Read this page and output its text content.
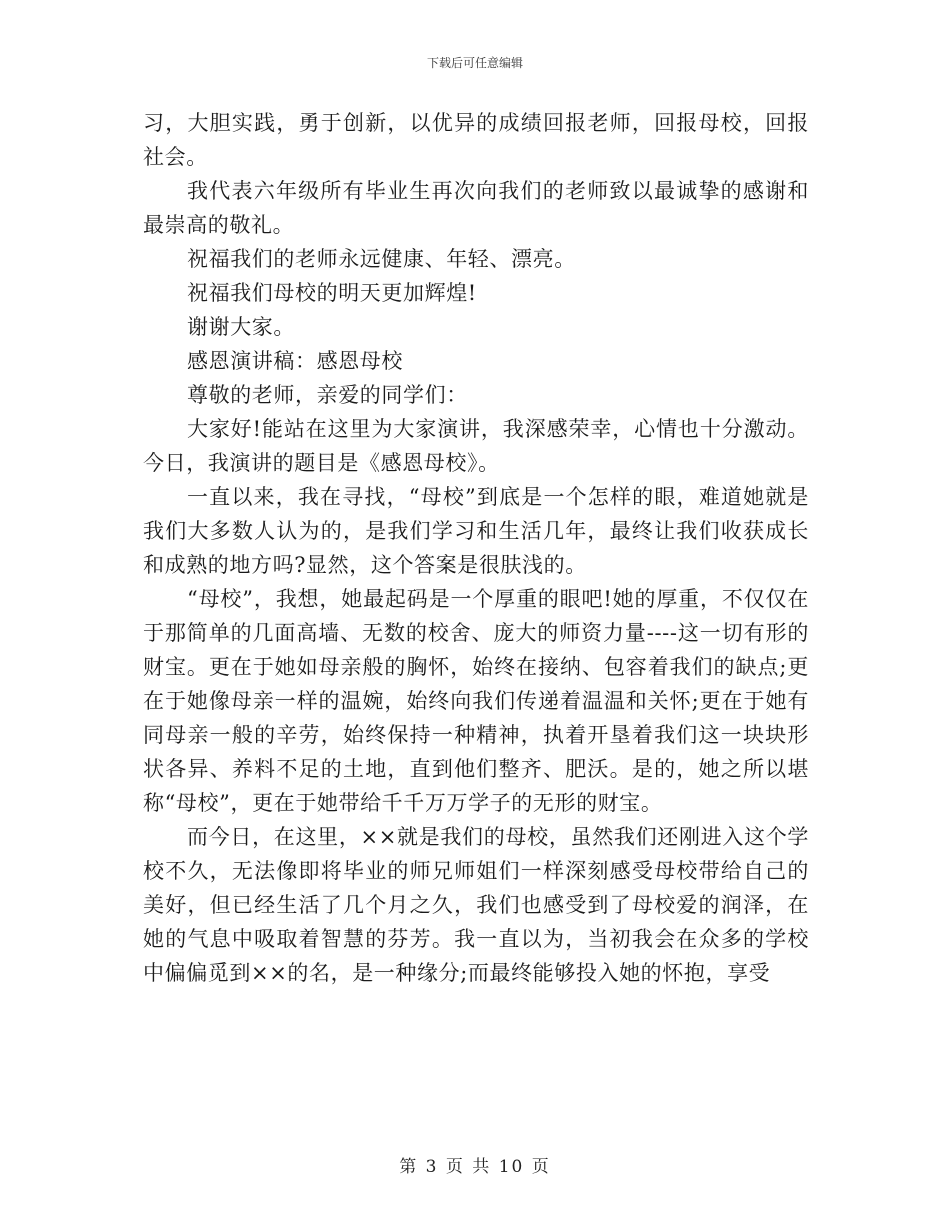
下载后可任意编辑

习，大胆实践，勇于创新，以优异的成绩回报老师，回报母校，回报社会。

我代表六年级所有毕业生再次向我们的老师致以最诚挚的感谢和最崇高的敬礼。

祝福我们的老师永远健康、年轻、漂亮。

祝福我们母校的明天更加辉煌!

谢谢大家。

感恩演讲稿：感恩母校

尊敬的老师，亲爱的同学们：

大家好!能站在这里为大家演讲，我深感荣幸，心情也十分激动。今日，我演讲的题目是《感恩母校》。

一直以来，我在寻找，“母校”到底是一个怎样的眼，难道她就是我们大多数人认为的，是我们学习和生活几年，最终让我们收获成长和成熟的地方吗?显然，这个答案是很肤浅的。

“母校”，我想，她最起码是一个厚重的眼吧!她的厚重，不仅仅在于那简单的几面高墙、无数的校舍、庞大的师资力量----这一切有形的财宝。更在于她如母亲般的胸怀，始终在接纳、包容着我们的缺点;更在于她像母亲一样的温婉，始终向我们传递着温温和关怀;更在于她有同母亲一般的辛劳，始终保持一种精神，执着开垦着我们这一块块形状各异、养料不足的土地，直到他们整齐、肥沃。是的，她之所以堪称“母校”，更在于她带给千千万万学子的无形的财宝。

而今日，在这里，××就是我们的母校，虽然我们还刚进入这个学校不久，无法像即将毕业的师兄师姐们一样深刻感受母校带给自己的美好，但已经生活了几个月之久，我们也感受到了母校爱的润泽，在她的气息中吸取着智慧的芬芳。我一直以为，当初我会在众多的学校中偏偏觅到××的名，是一种缘分;而最终能够投入她的怀抱，享受

第 3 页 共 10 页
